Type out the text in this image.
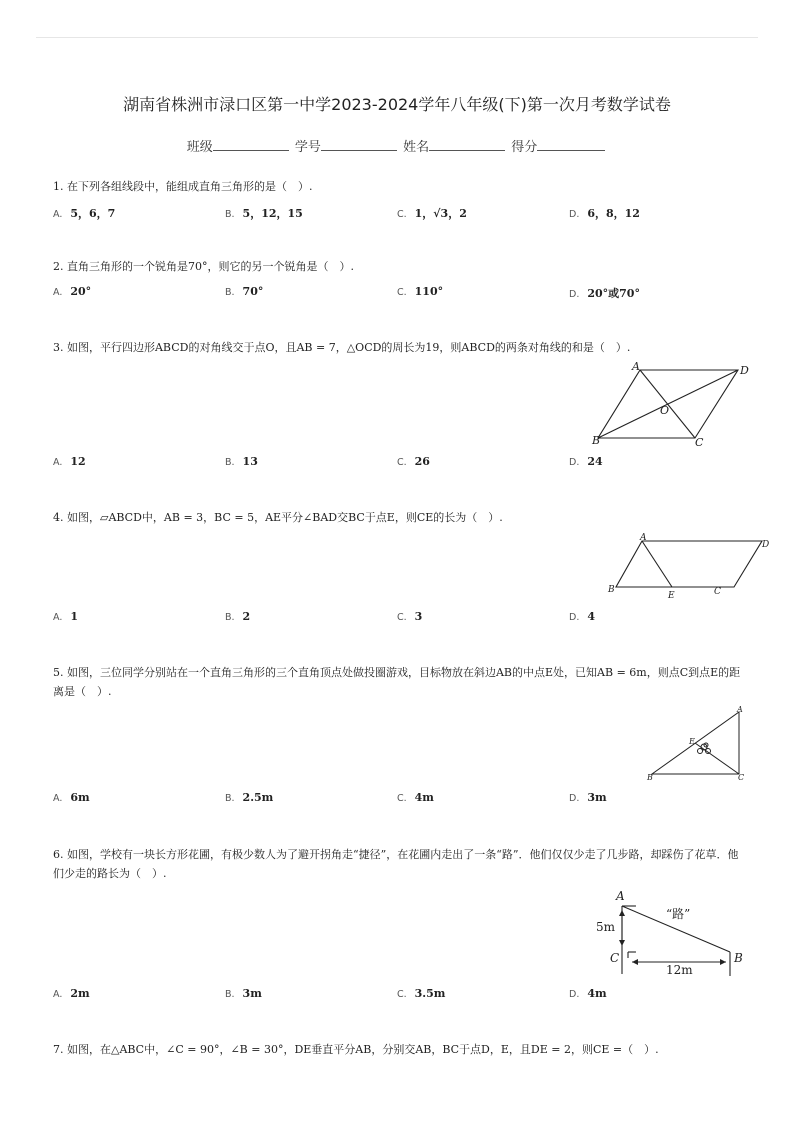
湖南省株洲市渌口区第一中学2023-2024学年八年级(下)第一次月考数学试卷
班级	学号	姓名	得分
1. 在下列各组线段中，能组成直角三角形的是（　）.
A. 5，6，7	B. 5，12，15	C. 1，√3，2	D. 6，8，12
2. 直角三角形的一个锐角是70°，则它的另一个锐角是（　）.
A. 20°	B. 70°	C. 110°	D. 20°或70°
3. 如图，平行四边形ABCD的对角线交于点O，且AB = 7，△OCD的周长为19，则ABCD的两条对角线的和是（　）.
A	D
B	C
O
A. 12	B. 13	C. 26	D. 24
4. 如图，▱ABCD中，AB = 3，BC = 5，AE平分∠BAD交BC于点E，则CE的长为（　）.
A
D
B
E	C
A. 1	B. 2	C. 3	D. 4
5. 如图，三位同学分别站在一个直角三角形的三个直角顶点处做投圈游戏，目标物放在斜边AB的中点E处，已知AB = 6m，则点C到点E的距离是（　）.
A
E
B	C
A. 6m	B. 2.5m	C. 4m	D. 3m
6. 如图，学校有一块长方形花圃，有极少数人为了避开拐角走“捷径”，在花圃内走出了一条“路”．他们仅仅少走了几步路，却踩伤了花草．他们少走的路长为（　）.
A
B
C
“路”
5m
12m
A. 2m	B. 3m	C. 3.5m	D. 4m
7. 如图，在△ABC中，∠C = 90°，∠B = 30°，DE垂直平分AB，分别交AB，BC于点D，E，且DE = 2，则CE =（　）.
